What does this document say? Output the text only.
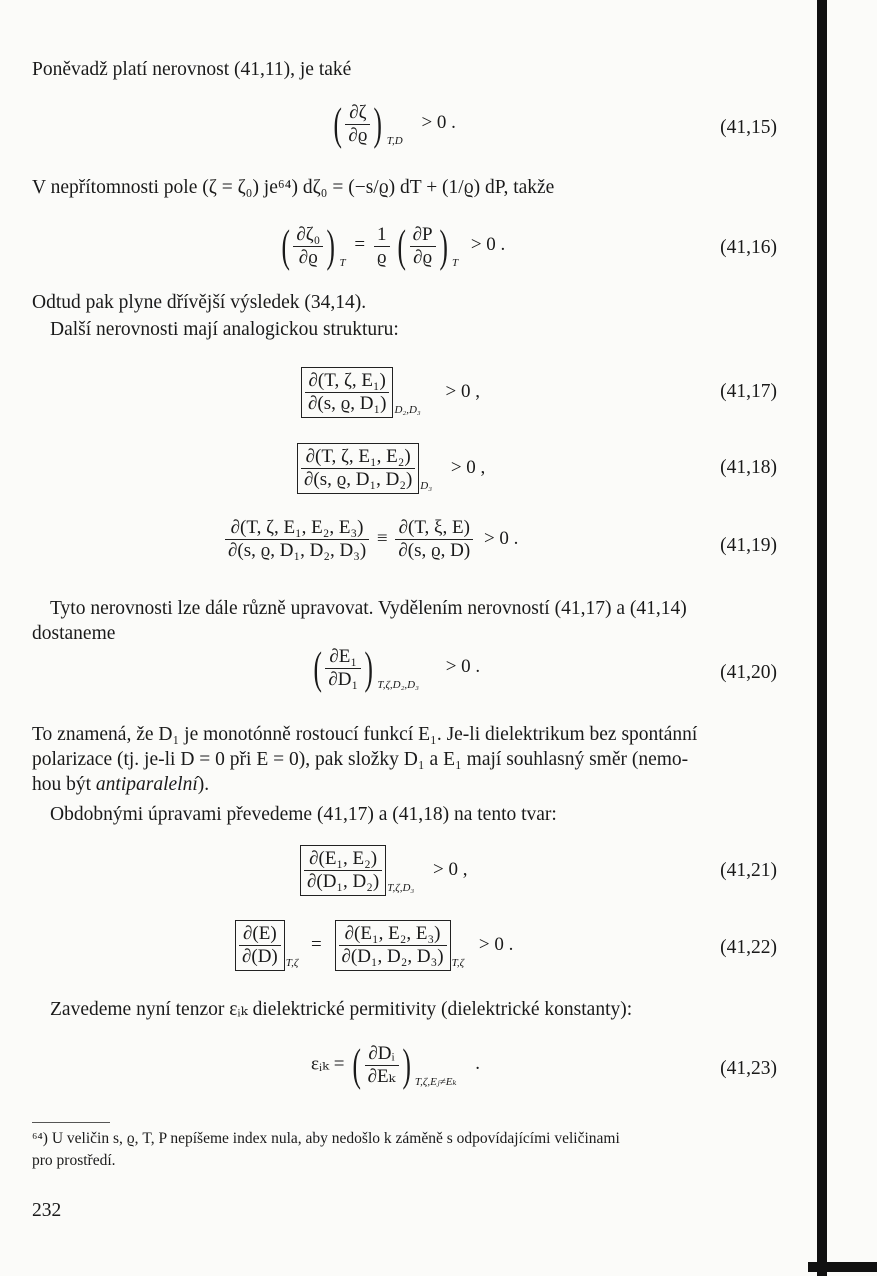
Poněvadž platí nerovnost (41,11), je také
( $\frac{\partial\zeta}{\partial ϱ}$ ) $_{T,D}$ > 0 .	(41,15)
V nepřítomnosti pole (ζ = ζ₀) je⁶⁴) dζ₀ = (−s/ϱ) dT + (1/ϱ) dP, takže
( $\frac{\text{∂ζ₀}}{\partial ϱ}$ ) $_T = \frac{1}{ϱ}$ ( $\frac{\partial P}{\partial ϱ}$ ) $_T$ > 0 .	(41,16)
Odtud pak plyne dřívější výsledek (34,14).
Další nerovnosti mají analogickou strukturu:
$\frac{\text{∂(T, ζ, E₁)}}{\text{∂(s, ϱ, D₁)}} _{D_2,D_3} > 0$ ,	(41,17)
$\frac{\text{∂(T, ζ, E₁, E₂)}}{\text{∂(s, ϱ, D₁, D₂)}} _{D_3} > 0$ ,	(41,18)
$\frac{\text{∂(T, ζ, E₁, E₂, E₃)}}{\text{∂(s, ϱ, D₁, D₂, D₃)}} \equiv \frac{\partial(T, \xi, E)}{\partial(s, ϱ, D)} > 0$ .	(41,19)
Tyto nerovnosti lze dále různě upravovat. Vydělením nerovností (41,17) a (41,14)
dostaneme
( $\frac{\text{∂E₁}}{\text{∂D₁}}$ ) $_{T,\zeta,D_2,D_3}$ > 0 .	(41,20)
To znamená, že D₁ je monotónně rostoucí funkcí E₁. Je-li dielektrikum bez spontánní
polarizace (tj. je-li D = 0 při E = 0), pak složky D₁ a E₁ mají souhlasný směr (nemo-
hou být antiparalelní).
Obdobnými úpravami převedeme (41,17) a (41,18) na tento tvar:
$\frac{\text{∂(E₁, E₂)}}{\text{∂(D₁, D₂)}} _{T,\zeta,D_3} > 0$ ,	(41,21)
$\frac{\partial(E)}{\partial(D)} _{T,\zeta} = \frac{\text{∂(E₁, E₂, E₃)}}{\text{∂(D₁, D₂, D₃)}} _{T,\zeta} > 0$ .	(41,22)
Zavedeme nyní tenzor εᵢₖ dielektrické permitivity (dielektrické konstanty):
εᵢₖ = ( $\frac{\text{∂Dᵢ}}{\text{∂Eₖ}}$ ) $_{T,\zeta,Eⱼ\ne E_k}$ .	(41,23)
⁶⁴) U veličin s, ϱ, T, P nepíšeme index nula, aby nedošlo k záměně s odpovídajícími veličinami
pro prostředí.
232
